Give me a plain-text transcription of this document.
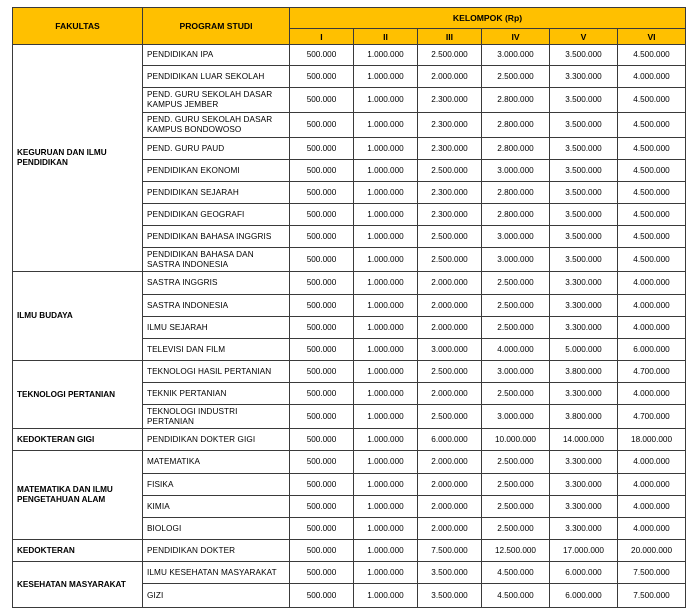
FAKULTAS	PROGRAM STUDI	KELOMPOK (Rp)					
		I	II	III	IV	V	VI

KEGURUAN DAN ILMU
PENDIDIKAN	PENDIDIKAN IPA	500.000	1.000.000	2.500.000	3.000.000	3.500.000	4.500.000
	PENDIDIKAN LUAR SEKOLAH	500.000	1.000.000	2.000.000	2.500.000	3.300.000	4.000.000
	PEND. GURU SEKOLAH DASAR KAMPUS JEMBER	500.000	1.000.000	2.300.000	2.800.000	3.500.000	4.500.000
	PEND. GURU SEKOLAH DASAR KAMPUS BONDOWOSO	500.000	1.000.000	2.300.000	2.800.000	3.500.000	4.500.000
	PEND. GURU PAUD	500.000	1.000.000	2.300.000	2.800.000	3.500.000	4.500.000
	PENDIDIKAN EKONOMI	500.000	1.000.000	2.500.000	3.000.000	3.500.000	4.500.000
	PENDIDIKAN SEJARAH	500.000	1.000.000	2.300.000	2.800.000	3.500.000	4.500.000
	PENDIDIKAN GEOGRAFI	500.000	1.000.000	2.300.000	2.800.000	3.500.000	4.500.000
	PENDIDIKAN BAHASA INGGRIS	500.000	1.000.000	2.500.000	3.000.000	3.500.000	4.500.000
	PENDIDIKAN BAHASA DAN SASTRA INDONESIA	500.000	1.000.000	2.500.000	3.000.000	3.500.000	4.500.000

ILMU BUDAYA	SASTRA INGGRIS	500.000	1.000.000	2.000.000	2.500.000	3.300.000	4.000.000
	SASTRA INDONESIA	500.000	1.000.000	2.000.000	2.500.000	3.300.000	4.000.000
	ILMU SEJARAH	500.000	1.000.000	2.000.000	2.500.000	3.300.000	4.000.000
	TELEVISI DAN FILM	500.000	1.000.000	3.000.000	4.000.000	5.000.000	6.000.000

TEKNOLOGI PERTANIAN	TEKNOLOGI HASIL PERTANIAN	500.000	1.000.000	2.500.000	3.000.000	3.800.000	4.700.000
	TEKNIK PERTANIAN	500.000	1.000.000	2.000.000	2.500.000	3.300.000	4.000.000
	TEKNOLOGI INDUSTRI PERTANIAN	500.000	1.000.000	2.500.000	3.000.000	3.800.000	4.700.000

KEDOKTERAN GIGI	PENDIDIKAN DOKTER GIGI	500.000	1.000.000	6.000.000	10.000.000	14.000.000	18.000.000

MATEMATIKA DAN ILMU
PENGETAHUAN ALAM	MATEMATIKA	500.000	1.000.000	2.000.000	2.500.000	3.300.000	4.000.000
	FISIKA	500.000	1.000.000	2.000.000	2.500.000	3.300.000	4.000.000
	KIMIA	500.000	1.000.000	2.000.000	2.500.000	3.300.000	4.000.000
	BIOLOGI	500.000	1.000.000	2.000.000	2.500.000	3.300.000	4.000.000

KEDOKTERAN	PENDIDIKAN DOKTER	500.000	1.000.000	7.500.000	12.500.000	17.000.000	20.000.000

KESEHATAN MASYARAKAT	ILMU KESEHATAN MASYARAKAT	500.000	1.000.000	3.500.000	4.500.000	6.000.000	7.500.000
	GIZI	500.000	1.000.000	3.500.000	4.500.000	6.000.000	7.500.000
